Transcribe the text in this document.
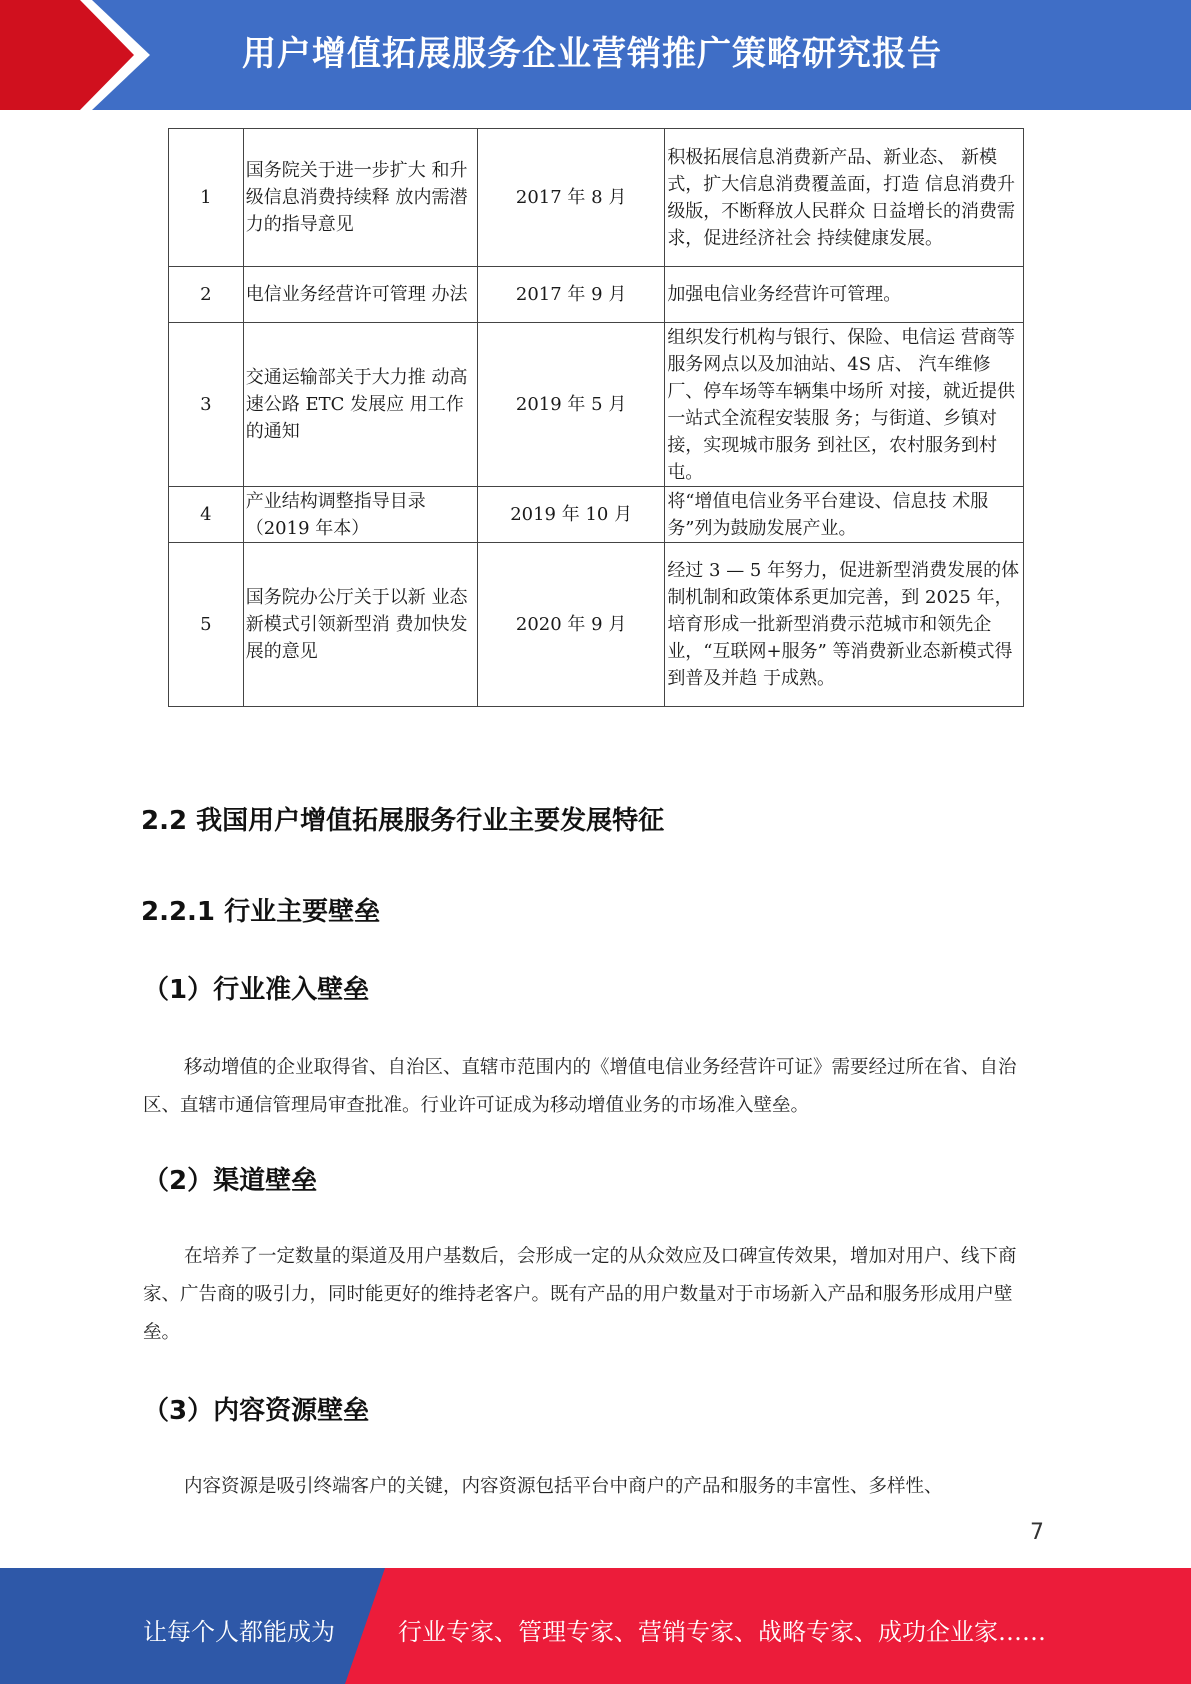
用户增值拓展服务企业营销推广策略研究报告
1	国务院关于进一步扩大 和升级信息消费持续释 放内需潜力的指导意见	2017 年 8 月	积极拓展信息消费新产品、新业态、 新模式，扩大信息消费覆盖面，打造 信息消费升级版，不断释放人民群众 日益增长的消费需求，促进经济社会 持续健康发展。
2	电信业务经营许可管理 办法	2017 年 9 月	加强电信业务经营许可管理。
3	交通运输部关于大力推 动高速公路 ETC 发展应 用工作的通知	2019 年 5 月	组织发行机构与银行、保险、电信运 营商等服务网点以及加油站、4S 店、 汽车维修厂、停车场等车辆集中场所 对接，就近提供一站式全流程安装服 务；与街道、乡镇对接，实现城市服务 到社区，农村服务到村屯。
4	产业结构调整指导目录（2019 年本）	2019 年 10 月	将“增值电信业务平台建设、信息技 术服务”列为鼓励发展产业。
5	国务院办公厅关于以新 业态新模式引领新型消 费加快发展的意见	2020 年 9 月	经过 3 — 5 年努力，促进新型消费发展的体制机制和政策体系更加完善，到 2025 年，培育形成一批新型消费示范城市和领先企业，“互联网+服务” 等消费新业态新模式得到普及并趋 于成熟。
2.2 我国用户增值拓展服务行业主要发展特征
2.2.1 行业主要壁垒
（1）行业准入壁垒
移动增值的企业取得省、自治区、直辖市范围内的《增值电信业务经营许可证》需要经过所在省、自治区、直辖市通信管理局审查批准。行业许可证成为移动增值业务的市场准入壁垒。
（2）渠道壁垒
在培养了一定数量的渠道及用户基数后，会形成一定的从众效应及口碑宣传效果，增加对用户、线下商家、广告商的吸引力，同时能更好的维持老客户。既有产品的用户数量对于市场新入产品和服务形成用户壁垒。
（3）内容资源壁垒
内容资源是吸引终端客户的关键，内容资源包括平台中商户的产品和服务的丰富性、多样性、
7
让每个人都能成为	行业专家、管理专家、营销专家、战略专家、成功企业家……
